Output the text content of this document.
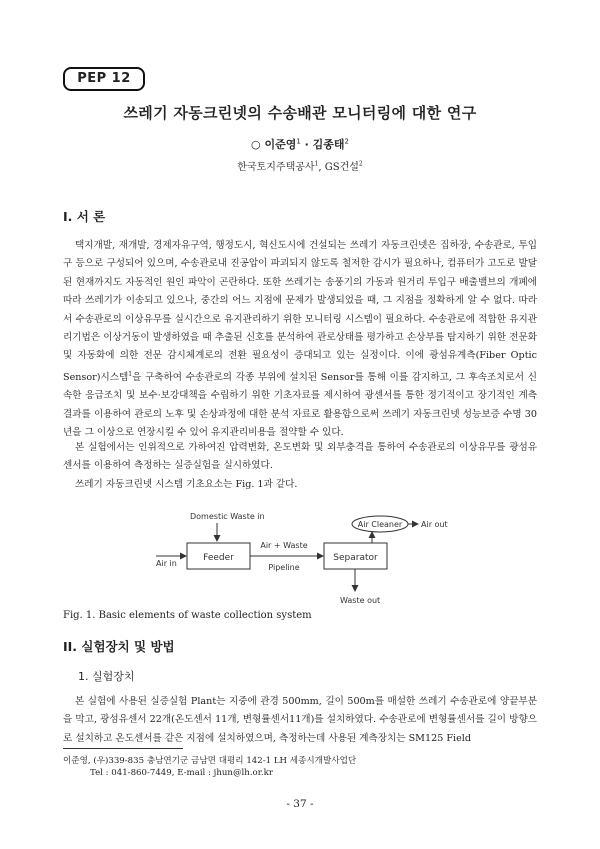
PEP 12
쓰레기 자동크린넷의 수송배관 모니터링에 대한 연구
○ 이준영$^1$ · 김종태$^2$
한국토지주택공사$^1$, GS건설$^2$
I. 서 론

택지개발, 재개발, 경제자유구역, 행정도시, 혁신도시에 건설되는 쓰레기 자동크린넷은 집하장, 수송관로, 투입구 등으로 구성되어 있으며, 수송관로내 진공압이 파괴되지 않도록 철저한 감시가 필요하나, 컴퓨터가 고도로 발달된 현재까지도 자동적인 원인 파악이 곤란하다. 또한 쓰레기는 송풍기의 가동과 원거리 투입구 배출밸브의 개폐에 따라 쓰레기가 이송되고 있으나, 중간의 어느 지점에 문제가 발생되었을 때, 그 지점을 정확하게 알 수 없다. 따라서 수송관로의 이상유무를 실시간으로 유지관리하기 위한 모니터링 시스템이 필요하다. 수송관로에 적합한 유지관리기법은 이상거동이 발생하였을 때 추출된 신호를 분석하여 관로상태를 평가하고 손상부를 탐지하기 위한 전문화 및 자동화에 의한 전문 감시체계로의 전환 필요성이 증대되고 있는 실정이다. 이에 광섬유계측(Fiber Optic Sensor)시스템$^1$을 구축하여 수송관로의 각종 부위에 설치된 Sensor를 통해 이를 감지하고, 그 후속조치로서 신속한 응급조치 및 보수·보강대책을 수립하기 위한 기초자료를 제시하여 광센서를 통한 정기적이고 장기적인 계측결과를 이용하여 관로의 노후 및 손상과정에 대한 분석 자료로 활용함으로써 쓰레기 자동크린넷 성능보증 수명 30년을 그 이상으로 연장시킬 수 있어 유지관리비용을 절약할 수 있다.

본 실험에서는 인위적으로 가하여진 압력변화, 온도변화 및 외부충격을 통하여 수송관로의 이상유무를 광섬유센서를 이용하여 측정하는 실증실험을 실시하였다.

쓰레기 자동크린넷 시스템 기초요소는 Fig. 1과 같다.

Domestic Waste in
Air in
Feeder
Air + Waste
Pipeline
Separator
Air Cleaner Air out
Waste out
Fig. 1. Basic elements of waste collection system
II. 실험장치 및 방법
1. 실험장치

본 실험에 사용된 실증실험 Plant는 지중에 관경 500mm, 길이 500m를 매설한 쓰레기 수송관로에 양끝부분을 막고, 광섬유센서 22개(온도센서 11개, 변형률센서11개)를 설치하였다. 수송관로에 변형률센서를 길이 방향으로 설치하고 온도센서를 같은 지점에 설치하였으며, 측정하는데 사용된 계측장치는 SM125 Field

이준영, (우)339-835 충남연기군 금남면 대평리 142-1 LH 세종시개발사업단
Tel : 041-860-7449, E-mail : jhun@lh.or.kr
- 37 -
